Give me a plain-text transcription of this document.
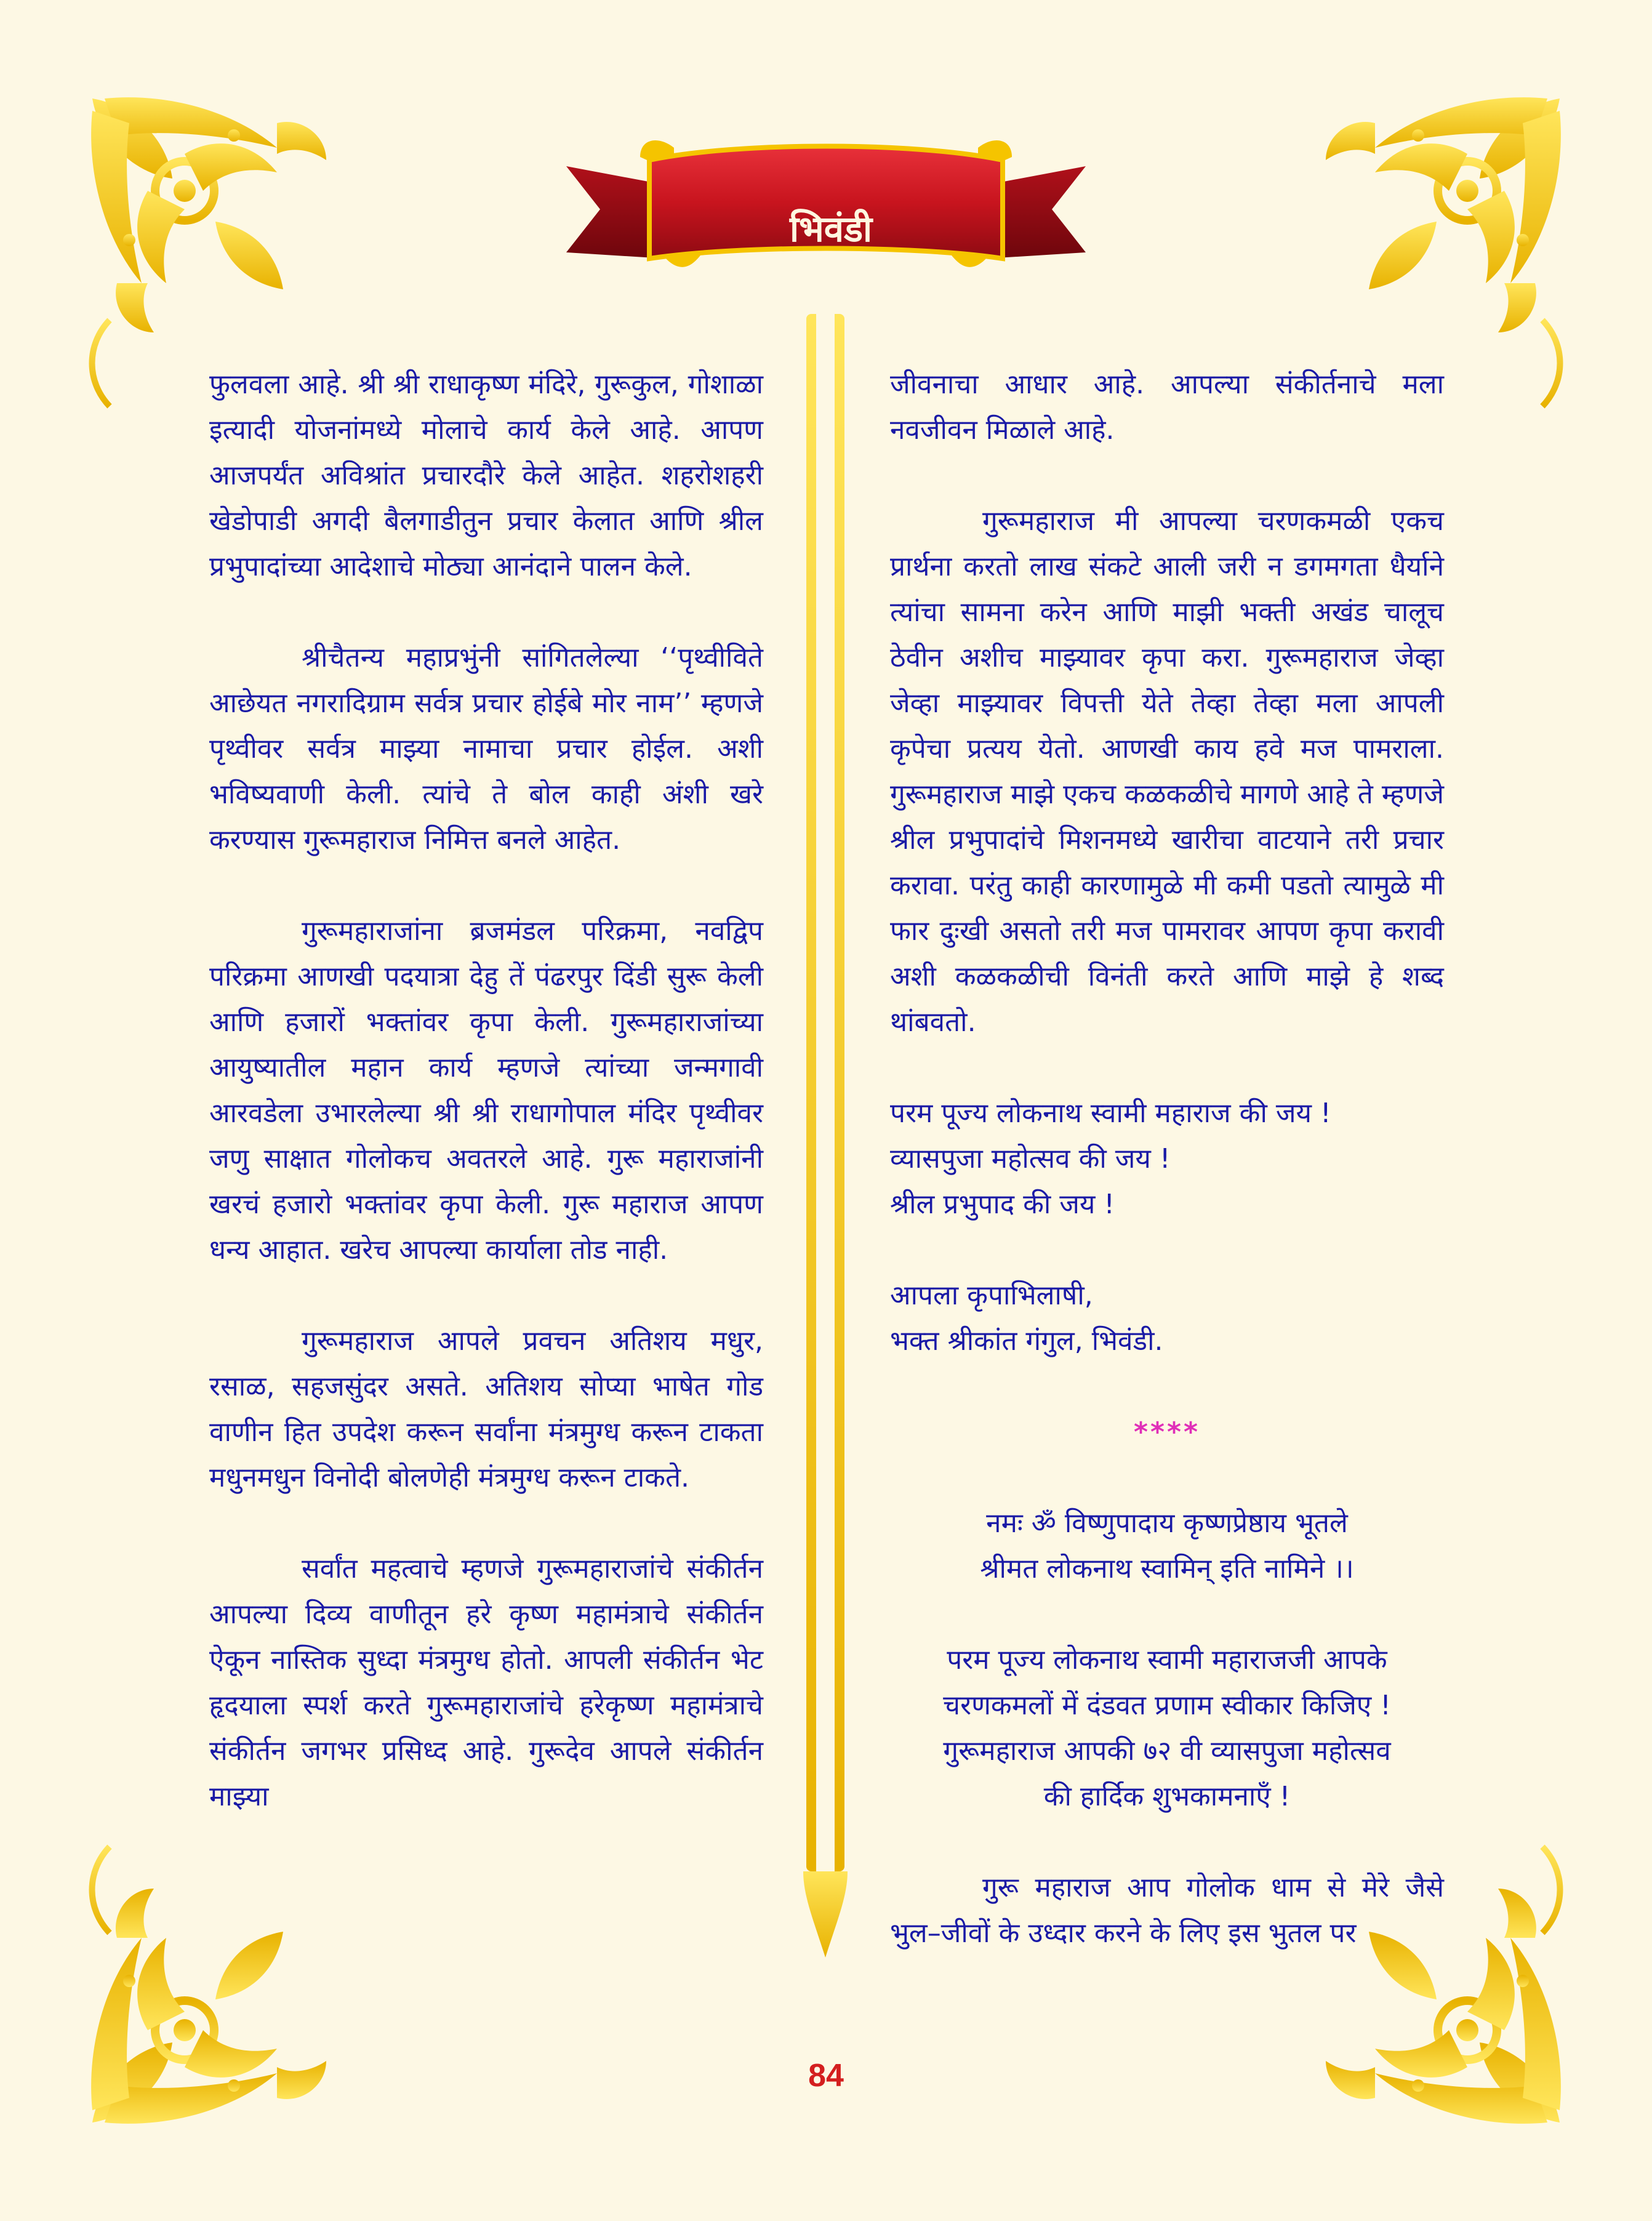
भिवंडी

फुलवला आहे. श्री श्री राधाकृष्ण मंदिरे, गुरूकुल, गोशाळा इत्यादी योजनांमध्ये मोलाचे कार्य केले आहे. आपण आजपर्यंत अविश्रांत प्रचारदौरे केले आहेत. शहरोशहरी खेडोपाडी अगदी बैलगाडीतुन प्रचार केलात आणि श्रील प्रभुपादांच्या आदेशाचे मोठ्या आनंदाने पालन केले.

श्रीचैतन्य महाप्रभुंनी सांगितलेल्या ‘‘पृथ्वीविते आछेयत नगरादिग्राम सर्वत्र प्रचार होईबे मोर नाम’’ म्हणजे पृथ्वीवर सर्वत्र माझ्या नामाचा प्रचार होईल. अशी भविष्यवाणी केली. त्यांचे ते बोल काही अंशी खरे करण्यास गुरूमहाराज निमित्त बनले आहेत.

गुरूमहाराजांना ब्रजमंडल परिक्रमा, नवद्विप परिक्रमा आणखी पदयात्रा देहु तें पंढरपुर दिंडी सुरू केली आणि हजारों भक्तांवर कृपा केली. गुरूमहाराजांच्या आयुष्यातील महान कार्य म्हणजे त्यांच्या जन्मगावी आरवडेला उभारलेल्या श्री श्री राधागोपाल मंदिर पृथ्वीवर जणु साक्षात गोलोकच अवतरले आहे. गुरू महाराजांनी खरचं हजारो भक्तांवर कृपा केली. गुरू महाराज आपण धन्य आहात. खरेच आपल्या कार्याला तोड नाही.

गुरूमहाराज आपले प्रवचन अतिशय मधुर, रसाळ, सहजसुंदर असते. अतिशय सोप्या भाषेत गोड वाणीन हित उपदेश करून सर्वांना मंत्रमुग्ध करून टाकता मधुनमधुन विनोदी बोलणेही मंत्रमुग्ध करून टाकते.

सर्वांत महत्वाचे म्हणजे गुरूमहाराजांचे संकीर्तन आपल्या दिव्य वाणीतून हरे कृष्ण महामंत्राचे संकीर्तन ऐकून नास्तिक सुध्दा मंत्रमुग्ध होतो. आपली संकीर्तन भेट हृदयाला स्पर्श करते गुरूमहाराजांचे हरेकृष्ण महामंत्राचे संकीर्तन जगभर प्रसिध्द आहे. गुरूदेव आपले संकीर्तन माझ्या

जीवनाचा आधार आहे. आपल्या संकीर्तनाचे मला नवजीवन मिळाले आहे.

गुरूमहाराज मी आपल्या चरणकमळी एकच प्रार्थना करतो लाख संकटे आली जरी न डगमगता धैर्याने त्यांचा सामना करेन आणि माझी भक्ती अखंड चालूच ठेवीन अशीच माझ्यावर कृपा करा. गुरूमहाराज जेव्हा जेव्हा माझ्यावर विपत्ती येते तेव्हा तेव्हा मला आपली कृपेचा प्रत्यय येतो. आणखी काय हवे मज पामराला. गुरूमहाराज माझे एकच कळकळीचे मागणे आहे ते म्हणजे श्रील प्रभुपादांचे मिशनमध्ये खारीचा वाटयाने तरी प्रचार करावा. परंतु काही कारणामुळे मी कमी पडतो त्यामुळे मी फार दुःखी असतो तरी मज पामरावर आपण कृपा करावी अशी कळकळीची विनंती करते आणि माझे हे शब्द थांबवतो.

परम पूज्य लोकनाथ स्वामी महाराज की जय !
व्यासपुजा महोत्सव की जय !
श्रील प्रभुपाद की जय !

आपला कृपाभिलाषी,
भक्त श्रीकांत गंगुल, भिवंडी.

****

नमः ॐ विष्णुपादाय कृष्णप्रेष्ठाय भूतले
श्रीमत लोकनाथ स्वामिन् इति नामिने ।।

परम पूज्य लोकनाथ स्वामी महाराजजी आपके
चरणकमलों में दंडवत प्रणाम स्वीकार किजिए !
गुरूमहाराज आपकी ७२ वी व्यासपुजा महोत्सव
की हार्दिक शुभकामनाएँ !

गुरू महाराज आप गोलोक धाम से मेरे जैसे भुल–जीवों के उध्दार करने के लिए इस भुतल पर

84
